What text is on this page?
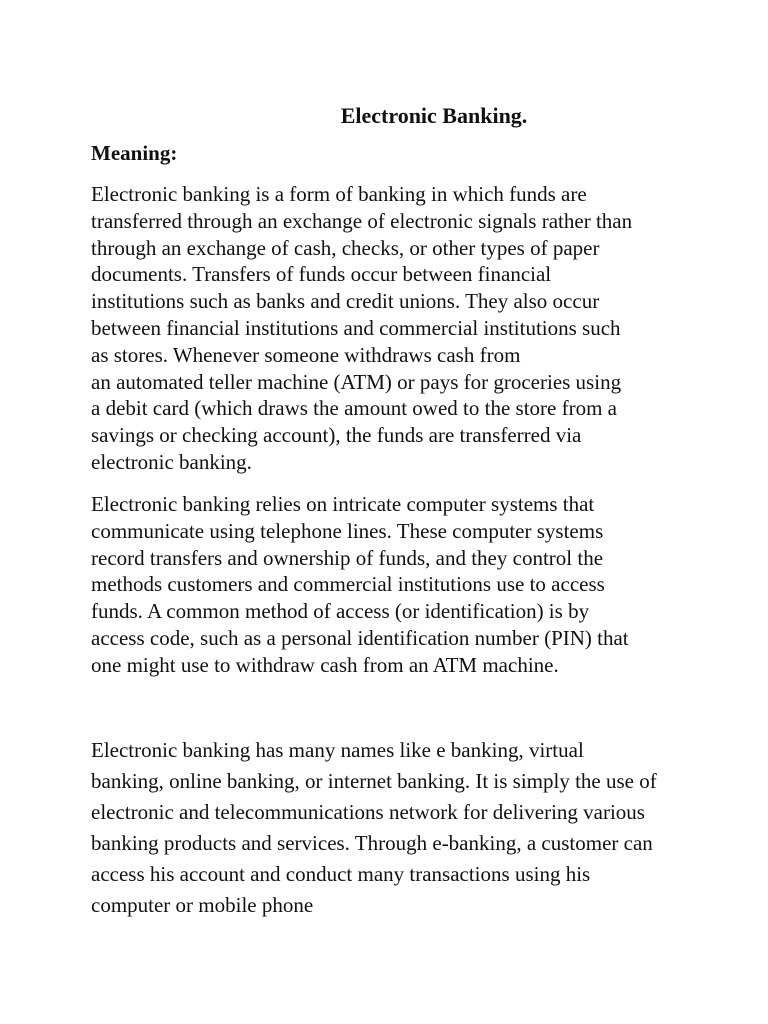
Electronic Banking.
Meaning:

Electronic banking is a form of banking in which funds are
transferred through an exchange of electronic signals rather than
through an exchange of cash, checks, or other types of paper
documents. Transfers of funds occur between financial
institutions such as banks and credit unions. They also occur
between financial institutions and commercial institutions such
as stores. Whenever someone withdraws cash from
an automated teller machine (ATM) or pays for groceries using
a debit card (which draws the amount owed to the store from a
savings or checking account), the funds are transferred via
electronic banking.

Electronic banking relies on intricate computer systems that
communicate using telephone lines. These computer systems
record transfers and ownership of funds, and they control the
methods customers and commercial institutions use to access
funds. A common method of access (or identification) is by
access code, such as a personal identification number (PIN) that
one might use to withdraw cash from an ATM machine.

Electronic banking has many names like e banking, virtual
banking, online banking, or internet banking. It is simply the use of
electronic and telecommunications network for delivering various
banking products and services. Through e-banking, a customer can
access his account and conduct many transactions using his
computer or mobile phone
